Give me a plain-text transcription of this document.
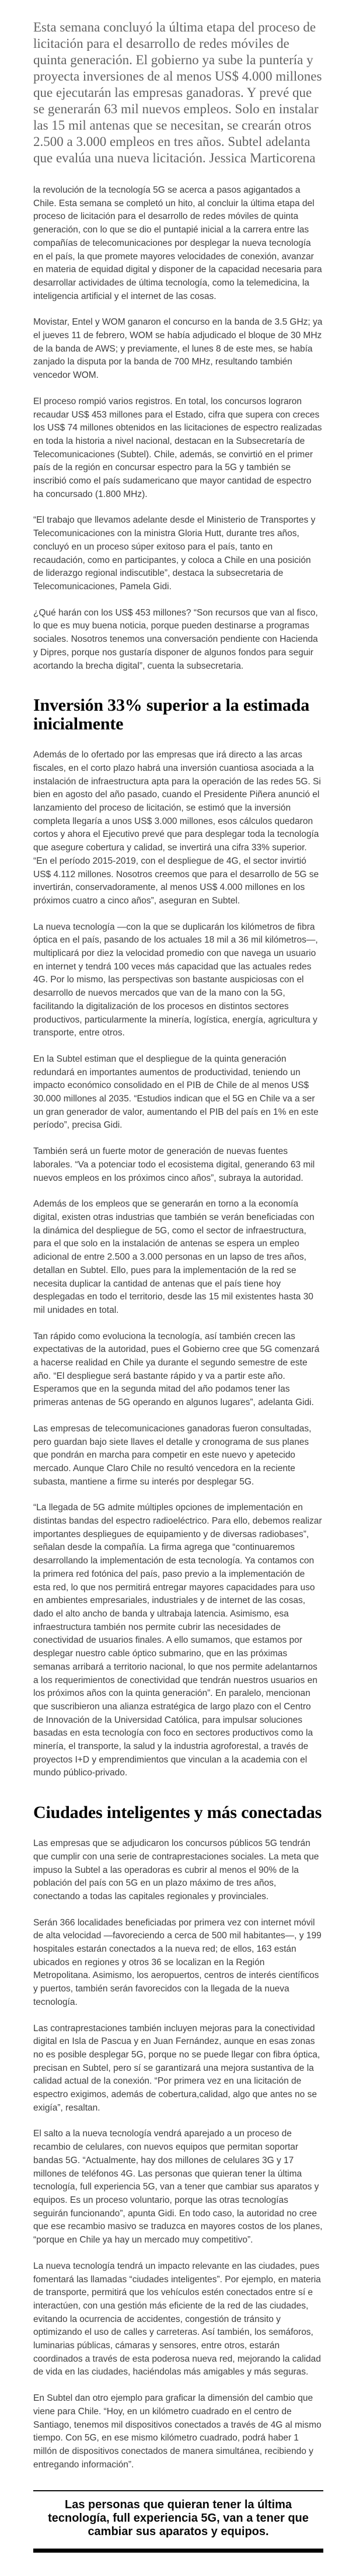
Esta semana concluyó la última etapa del proceso de licitación para el desarrollo de redes móviles de quinta generación. El gobierno ya sube la puntería y proyecta inversiones de al menos US$ 4.000 millones que ejecutarán las empresas ganadoras. Y prevé que se generarán 63 mil nuevos empleos. Solo en instalar las 15 mil antenas que se necesitan, se crearán otros 2.500 a 3.000 empleos en tres años. Subtel adelanta que evalúa una nueva licitación. Jessica Marticorena

la revolución de la tecnología 5G se acerca a pasos agigantados a Chile. Esta semana se completó un hito, al concluir la última etapa del proceso de licitación para el desarrollo de redes móviles de quinta generación, con lo que se dio el puntapié inicial a la carrera entre las compañías de telecomunicaciones por desplegar la nueva tecnología en el país, la que promete mayores velocidades de conexión, avanzar en materia de equidad digital y disponer de la capacidad necesaria para desarrollar actividades de última tecnología, como la telemedicina, la inteligencia artificial y el internet de las cosas.

Movistar, Entel y WOM ganaron el concurso en la banda de 3.5 GHz; ya el jueves 11 de febrero, WOM se había adjudicado el bloque de 30 MHz de la banda de AWS; y previamente, el lunes 8 de este mes, se había zanjado la disputa por la banda de 700 MHz, resultando también vencedor WOM.

El proceso rompió varios registros. En total, los concursos lograron recaudar US$ 453 millones para el Estado, cifra que supera con creces los US$ 74 millones obtenidos en las licitaciones de espectro realizadas en toda la historia a nivel nacional, destacan en la Subsecretaría de Telecomunicaciones (Subtel). Chile, además, se convirtió en el primer país de la región en concursar espectro para la 5G y también se inscribió como el país sudamericano que mayor cantidad de espectro ha concursado (1.800 MHz).

“El trabajo que llevamos adelante desde el Ministerio de Transportes y Telecomunicaciones con la ministra Gloria Hutt, durante tres años, concluyó en un proceso súper exitoso para el país, tanto en recaudación, como en participantes, y coloca a Chile en una posición de liderazgo regional indiscutible”, destaca la subsecretaria de Telecomunicaciones, Pamela Gidi.

¿Qué harán con los US$ 453 millones? “Son recursos que van al fisco, lo que es muy buena noticia, porque pueden destinarse a programas sociales. Nosotros tenemos una conversación pendiente con Hacienda y Dipres, porque nos gustaría disponer de algunos fondos para seguir acortando la brecha digital”, cuenta la subsecretaria.

Inversión 33% superior a la estimada inicialmente

Además de lo ofertado por las empresas que irá directo a las arcas fiscales, en el corto plazo habrá una inversión cuantiosa asociada a la instalación de infraestructura apta para la operación de las redes 5G. Si bien en agosto del año pasado, cuando el Presidente Piñera anunció el lanzamiento del proceso de licitación, se estimó que la inversión completa llegaría a unos US$ 3.000 millones, esos cálculos quedaron cortos y ahora el Ejecutivo prevé que para desplegar toda la tecnología que asegure cobertura y calidad, se invertirá una cifra 33% superior. “En el período 2015-2019, con el despliegue de 4G, el sector invirtió US$ 4.112 millones. Nosotros creemos que para el desarrollo de 5G se invertirán, conservadoramente, al menos US$ 4.000 millones en los próximos cuatro a cinco años”, aseguran en Subtel.

La nueva tecnología —con la que se duplicarán los kilómetros de fibra óptica en el país, pasando de los actuales 18 mil a 36 mil kilómetros—, multiplicará por diez la velocidad promedio con que navega un usuario en internet y tendrá 100 veces más capacidad que las actuales redes 4G. Por lo mismo, las perspectivas son bastante auspiciosas con el desarrollo de nuevos mercados que van de la mano con la 5G, facilitando la digitalización de los procesos en distintos sectores productivos, particularmente la minería, logística, energía, agricultura y transporte, entre otros.

En la Subtel estiman que el despliegue de la quinta generación redundará en importantes aumentos de productividad, teniendo un impacto económico consolidado en el PIB de Chile de al menos US$ 30.000 millones al 2035. “Estudios indican que el 5G en Chile va a ser un gran generador de valor, aumentando el PIB del país en 1% en este período”, precisa Gidi.

También será un fuerte motor de generación de nuevas fuentes laborales. “Va a potenciar todo el ecosistema digital, generando 63 mil nuevos empleos en los próximos cinco años”, subraya la autoridad.

Además de los empleos que se generarán en torno a la economía digital, existen otras industrias que también se verán beneficiadas con la dinámica del despliegue de 5G, como el sector de infraestructura, para el que solo en la instalación de antenas se espera un empleo adicional de entre 2.500 a 3.000 personas en un lapso de tres años, detallan en Subtel. Ello, pues para la implementación de la red se necesita duplicar la cantidad de antenas que el país tiene hoy desplegadas en todo el territorio, desde las 15 mil existentes hasta 30 mil unidades en total.

Tan rápido como evoluciona la tecnología, así también crecen las expectativas de la autoridad, pues el Gobierno cree que 5G comenzará a hacerse realidad en Chile ya durante el segundo semestre de este año. “El despliegue será bastante rápido y va a partir este año. Esperamos que en la segunda mitad del año podamos tener las primeras antenas de 5G operando en algunos lugares”, adelanta Gidi.

Las empresas de telecomunicaciones ganadoras fueron consultadas, pero guardan bajo siete llaves el detalle y cronograma de sus planes que pondrán en marcha para competir en este nuevo y apetecido mercado. Aunque Claro Chile no resultó vencedora en la reciente subasta, mantiene a firme su interés por desplegar 5G.

“La llegada de 5G admite múltiples opciones de implementación en distintas bandas del espectro radioeléctrico. Para ello, debemos realizar importantes despliegues de equipamiento y de diversas radiobases”, señalan desde la compañía. La firma agrega que “continuaremos desarrollando la implementación de esta tecnología. Ya contamos con la primera red fotónica del país, paso previo a la implementación de esta red, lo que nos permitirá entregar mayores capacidades para uso en ambientes empresariales, industriales y de internet de las cosas, dado el alto ancho de banda y ultrabaja latencia. Asimismo, esa infraestructura también nos permite cubrir las necesidades de conectividad de usuarios finales. A ello sumamos, que estamos por desplegar nuestro cable óptico submarino, que en las próximas semanas arribará a territorio nacional, lo que nos permite adelantarnos a los requerimientos de conectividad que tendrán nuestros usuarios en los próximos años con la quinta generación”. En paralelo, mencionan que suscribieron una alianza estratégica de largo plazo con el Centro de Innovación de la Universidad Católica, para impulsar soluciones basadas en esta tecnología con foco en sectores productivos como la minería, el transporte, la salud y la industria agroforestal, a través de proyectos I+D y emprendimientos que vinculan a la academia con el mundo público-privado.

Ciudades inteligentes y más conectadas

Las empresas que se adjudicaron los concursos públicos 5G tendrán que cumplir con una serie de contraprestaciones sociales. La meta que impuso la Subtel a las operadoras es cubrir al menos el 90% de la población del país con 5G en un plazo máximo de tres años, conectando a todas las capitales regionales y provinciales.

Serán 366 localidades beneficiadas por primera vez con internet móvil de alta velocidad —favoreciendo a cerca de 500 mil habitantes—, y 199 hospitales estarán conectados a la nueva red; de ellos, 163 están ubicados en regiones y otros 36 se localizan en la Región Metropolitana. Asimismo, los aeropuertos, centros de interés científicos y puertos, también serán favorecidos con la llegada de la nueva tecnología.

Las contraprestaciones también incluyen mejoras para la conectividad digital en Isla de Pascua y en Juan Fernández, aunque en esas zonas no es posible desplegar 5G, porque no se puede llegar con fibra óptica, precisan en Subtel, pero sí se garantizará una mejora sustantiva de la calidad actual de la conexión. “Por primera vez en una licitación de espectro exigimos, además de cobertura,calidad, algo que antes no se exigía”, resaltan.

El salto a la nueva tecnología vendrá aparejado a un proceso de recambio de celulares, con nuevos equipos que permitan soportar bandas 5G. “Actualmente, hay dos millones de celulares 3G y 17 millones de teléfonos 4G. Las personas que quieran tener la última tecnología, full experiencia 5G, van a tener que cambiar sus aparatos y equipos. Es un proceso voluntario, porque las otras tecnologías seguirán funcionando”, apunta Gidi. En todo caso, la autoridad no cree que ese recambio masivo se traduzca en mayores costos de los planes, “porque en Chile ya hay un mercado muy competitivo”.

La nueva tecnología tendrá un impacto relevante en las ciudades, pues fomentará las llamadas “ciudades inteligentes”. Por ejemplo, en materia de transporte, permitirá que los vehículos estén conectados entre sí e interactúen, con una gestión más eficiente de la red de las ciudades, evitando la ocurrencia de accidentes, congestión de tránsito y optimizando el uso de calles y carreteras. Así también, los semáforos, luminarias públicas, cámaras y sensores, entre otros, estarán coordinados a través de esta poderosa nueva red, mejorando la calidad de vida en las ciudades, haciéndolas más amigables y más seguras.

En Subtel dan otro ejemplo para graficar la dimensión del cambio que viene para Chile. “Hoy, en un kilómetro cuadrado en el centro de Santiago, tenemos mil dispositivos conectados a través de 4G al mismo tiempo. Con 5G, en ese mismo kilómetro cuadrado, podrá haber 1 millón de dispositivos conectados de manera simultánea, recibiendo y entregando información”.

Las personas que quieran tener la última tecnología, full experiencia 5G, van a tener que cambiar sus aparatos y equipos.
